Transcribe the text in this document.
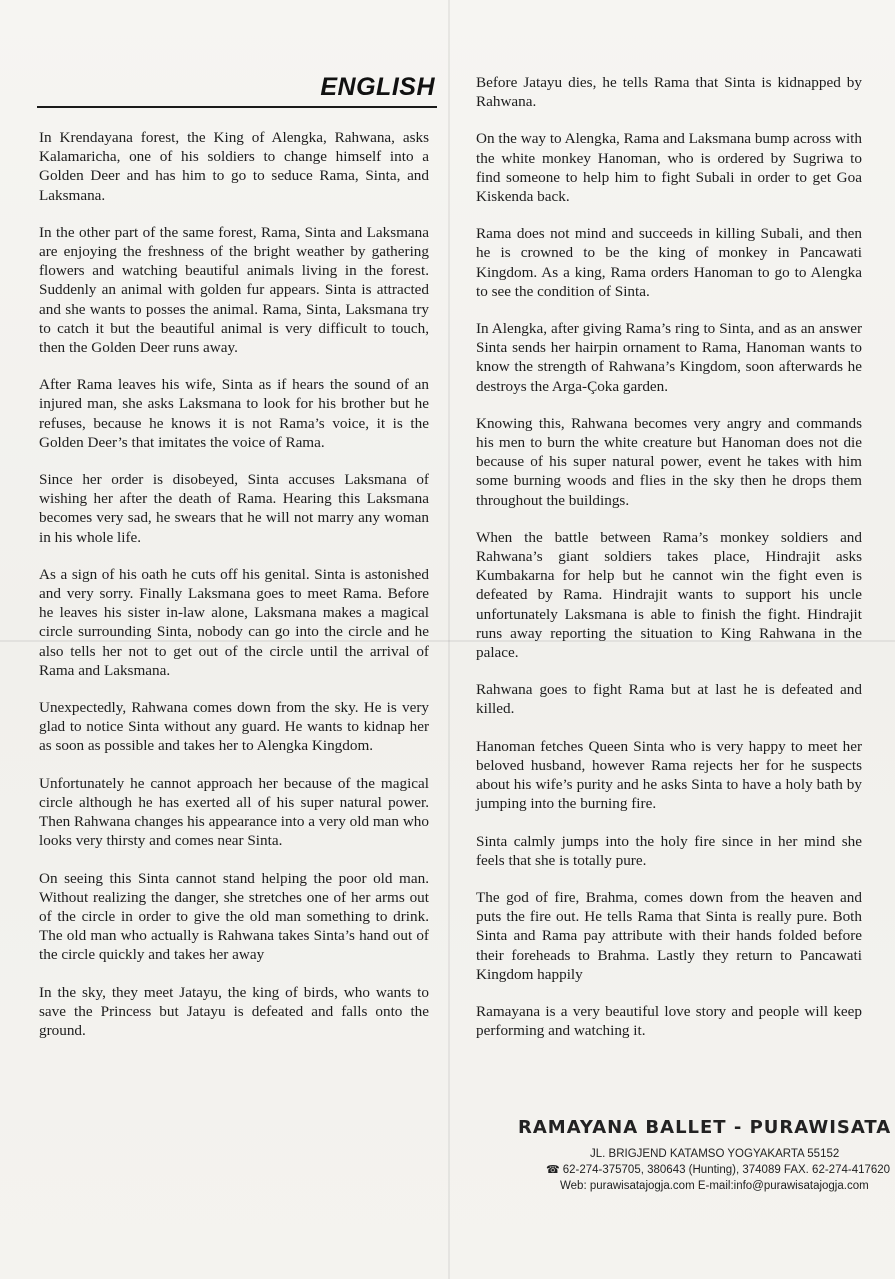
ENGLISH

In Krendayana forest, the King of Alengka, Rahwana, asks Kalamaricha, one of his soldiers to change himself into a Golden Deer and has him to go to seduce Rama, Sinta, and Laksmana.

In the other part of the same forest, Rama, Sinta and Laksmana are enjoying the freshness of the bright weather by gathering flowers and watching beautiful animals living in the forest. Suddenly an animal with golden fur appears. Sinta is attracted and she wants to posses the animal. Rama, Sinta, Laksmana try to catch it but the beautiful animal is very difficult to touch, then the Golden Deer runs away.

After Rama leaves his wife, Sinta as if hears the sound of an injured man, she asks Laksmana to look for his brother but he refuses, because he knows it is not Rama’s voice, it is the Golden Deer’s that imitates the voice of Rama.

Since her order is disobeyed, Sinta accuses Laksmana of wishing her after the death of Rama. Hearing this Laksmana becomes very sad, he swears that he will not marry any woman in his whole life.

As a sign of his oath he cuts off his genital. Sinta is astonished and very sorry. Finally Laksmana goes to meet Rama. Before he leaves his sister in-law alone, Laksmana makes a magical circle surrounding Sinta, nobody can go into the circle and he also tells her not to get out of the circle until the arrival of Rama and Laksmana.

Unexpectedly, Rahwana comes down from the sky. He is very glad to notice Sinta without any guard. He wants to kidnap her as soon as possible and takes her to Alengka Kingdom.

Unfortunately he cannot approach her because of the magical circle although he has exerted all of his super natural power. Then Rahwana changes his appearance into a very old man who looks very thirsty and comes near Sinta.

On seeing this Sinta cannot stand helping the poor old man. Without realizing the danger, she stretches one of her arms out of the circle in order to give the old man something to drink. The old man who actually is Rahwana takes Sinta’s hand out of the circle quickly and takes her away

In the sky, they meet Jatayu, the king of birds, who wants to save the Princess but Jatayu is defeated and falls onto the ground.

Before Jatayu dies, he tells Rama that Sinta is kidnapped by Rahwana.

On the way to Alengka, Rama and Laksmana bump across with the white monkey Hanoman, who is ordered by Sugriwa to find someone to help him to fight Subali in order to get Goa Kiskenda back.

Rama does not mind and succeeds in killing Subali, and then he is crowned to be the king of monkey in Pancawati Kingdom. As a king, Rama orders Hanoman to go to Alengka to see the condition of Sinta.

In Alengka, after giving Rama’s ring to Sinta, and as an answer Sinta sends her hairpin ornament to Rama, Hanoman wants to know the strength of Rahwana’s Kingdom, soon afterwards he destroys the Arga-Çoka garden.

Knowing this, Rahwana becomes very angry and commands his men to burn the white creature but Hanoman does not die because of his super natural power, event he takes with him some burning woods and flies in the sky then he drops them throughout the buildings.

When the battle between Rama’s monkey soldiers and Rahwana’s giant soldiers takes place, Hindrajit asks Kumbakarna for help but he cannot win the fight even is defeated by Rama. Hindrajit wants to support his uncle unfortunately Laksmana is able to finish the fight. Hindrajit runs away reporting the situation to King Rahwana in the palace.

Rahwana goes to fight Rama but at last he is defeated and killed.

Hanoman fetches Queen Sinta who is very happy to meet her beloved husband, however Rama rejects her for he suspects about his wife’s purity and he asks Sinta to have a holy bath by jumping into the burning fire.

Sinta calmly jumps into the holy fire since in her mind she feels that she is totally pure.

The god of fire, Brahma, comes down from the heaven and puts the fire out. He tells Rama that Sinta is really pure. Both Sinta and Rama pay attribute with their hands folded before their foreheads to Brahma. Lastly they return to Pancawati Kingdom happily

Ramayana is a very beautiful love story and people will keep performing and watching it.

RAMAYANA BALLET - PURAWISATA
JL. BRIGJEND KATAMSO YOGYAKARTA 55152
☎ 62-274-375705, 380643 (Hunting), 374089 FAX. 62-274-417620
Web: purawisatajogja.com E-mail:info@purawisatajogja.com
